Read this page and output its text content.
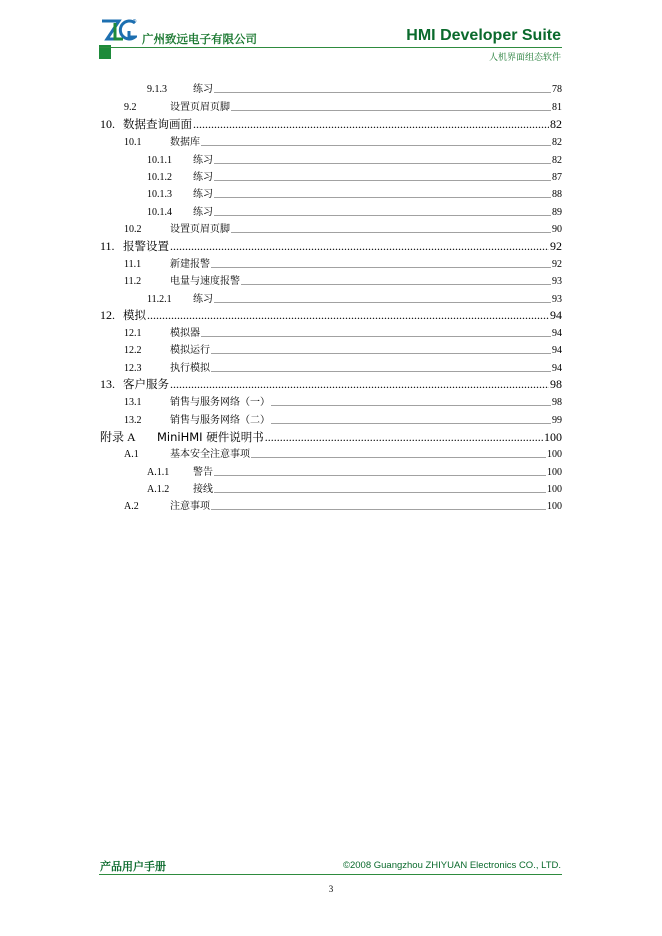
®
广州致远电子有限公司	HMI Developer Suite
人机界面组态软件
9.1.3	练习 .....	78
9.2	设置页眉页脚 .....	81
10. 数据查询画面 .....	82
10.1	数据库 .....	82
10.1.1	练习 .....	82
10.1.2	练习 .....	87
10.1.3	练习 .....	88
10.1.4	练习 .....	89
10.2	设置页眉页脚 .....	90
11. 报警设置 .....	92
11.1	新建报警 .....	92
11.2	电量与速度报警 .....	93
11.2.1	练习 .....	93
12. 模拟 .....	94
12.1	模拟器 .....	94
12.2	模拟运行 .....	94
12.3	执行模拟 .....	94
13. 客户服务 .....	98
13.1	销售与服务网络（一） .....	98
13.2	销售与服务网络（二） .....	99
附录 A	MiniHMI 硬件说明书 .....	100
A.1	基本安全注意事项 .....	100
A.1.1	警告 .....	100
A.1.2	接线 .....	100
A.2	注意事项 .....	100
产品用户手册	©2008 Guangzhou ZHIYUAN Electronics CO., LTD.
3
